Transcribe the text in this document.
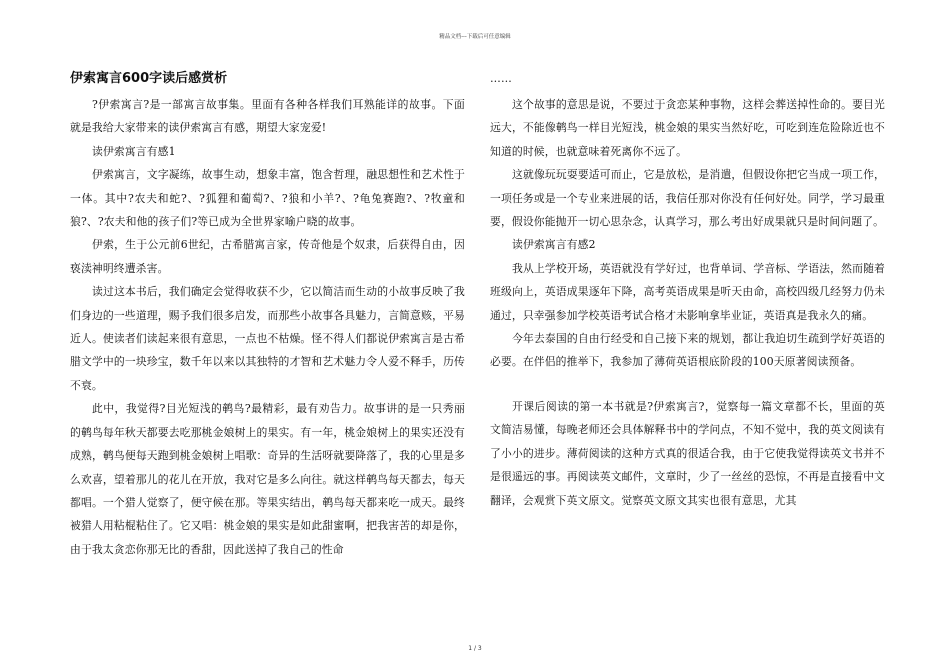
精品文档---下载后可任意编辑
伊索寓言600字读后感赏析

?伊索寓言?是一部寓言故事集。里面有各种各样我们耳熟能详的故事。下面就是我给大家带来的读伊索寓言有感，期望大家宠爱!

读伊索寓言有感1

伊索寓言，文字凝练，故事生动，想象丰富，饱含哲理，融思想性和艺术性于一体。其中?农夫和蛇?、?狐狸和葡萄?、?狼和小羊?、?龟兔赛跑?、?牧童和狼?、?农夫和他的孩子们?等已成为全世界家喻户晓的故事。

伊索，生于公元前6世纪，古希腊寓言家，传奇他是个奴隶，后获得自由，因亵渎神明终遭杀害。

读过这本书后，我们确定会觉得收获不少，它以简洁而生动的小故事反映了我们身边的一些道理，赐予我们很多启发，而那些小故事各具魅力，言简意赅，平易近人。使读者们读起来很有意思，一点也不枯燥。怪不得人们都说伊索寓言是古希腊文学中的一块珍宝，数千年以来以其独特的才智和艺术魅力令人爱不释手，历传不衰。

此中，我觉得?目光短浅的鹌鸟?最精彩，最有劝告力。故事讲的是一只秀丽的鹌鸟每年秋天都要去吃那桃金娘树上的果实。有一年，桃金娘树上的果实还没有成熟，鹌鸟便每天跑到桃金娘树上唱歌：奇异的生活呀就要降落了，我的心里是多么欢喜，望着那儿的花儿在开放，我对它是多么向往。就这样鹌鸟每天都去，每天都唱。一个猎人觉察了，便守候在那。等果实结出，鹌鸟每天都来吃一成天。最终被猎人用粘棍粘住了。它又唱：桃金娘的果实是如此甜蜜啊，把我害苦的却是你，由于我太贪恋你那无比的香甜，因此送掉了我自己的性命

……

这个故事的意思是说，不要过于贪恋某种事物，这样会葬送掉性命的。要目光远大，不能像鹌鸟一样目光短浅，桃金娘的果实当然好吃，可吃到连危险除近也不知道的时候，也就意味着死离你不远了。

这就像玩玩耍要适可而止，它是放松，是消遣，但假设你把它当成一项工作，一项任务或是一个专业来进展的话，我信任那对你没有任何好处。同学，学习最重要，假设你能抛开一切心思杂念，认真学习，那么考出好成果就只是时间问题了。

读伊索寓言有感2

我从上学校开场，英语就没有学好过，也背单词、学音标、学语法，然而随着班级向上，英语成果逐年下降，高考英语成果是听天由命，高校四级几经努力仍未通过，只幸强参加学校英语考试合格才未影响拿毕业证，英语真是我永久的痛。

今年去泰国的自由行经受和自己接下来的规划，都让我迫切生疏到学好英语的必要。在伴侣的推举下，我参加了薄荷英语根底阶段的100天原著阅读预备。

开课后阅读的第一本书就是?伊索寓言?，觉察每一篇文章都不长，里面的英文简洁易懂，每晚老师还会具体解释书中的学问点，不知不觉中，我的英文阅读有了小小的进步。薄荷阅读的这种方式真的很适合我，由于它使我觉得读英文书并不是很遥远的事。再阅读英文邮件，文章时，少了一丝丝的恐惊，不再是直接看中文翻译，会观赏下英文原文。觉察英文原文其实也很有意思，尤其

1 / 3
